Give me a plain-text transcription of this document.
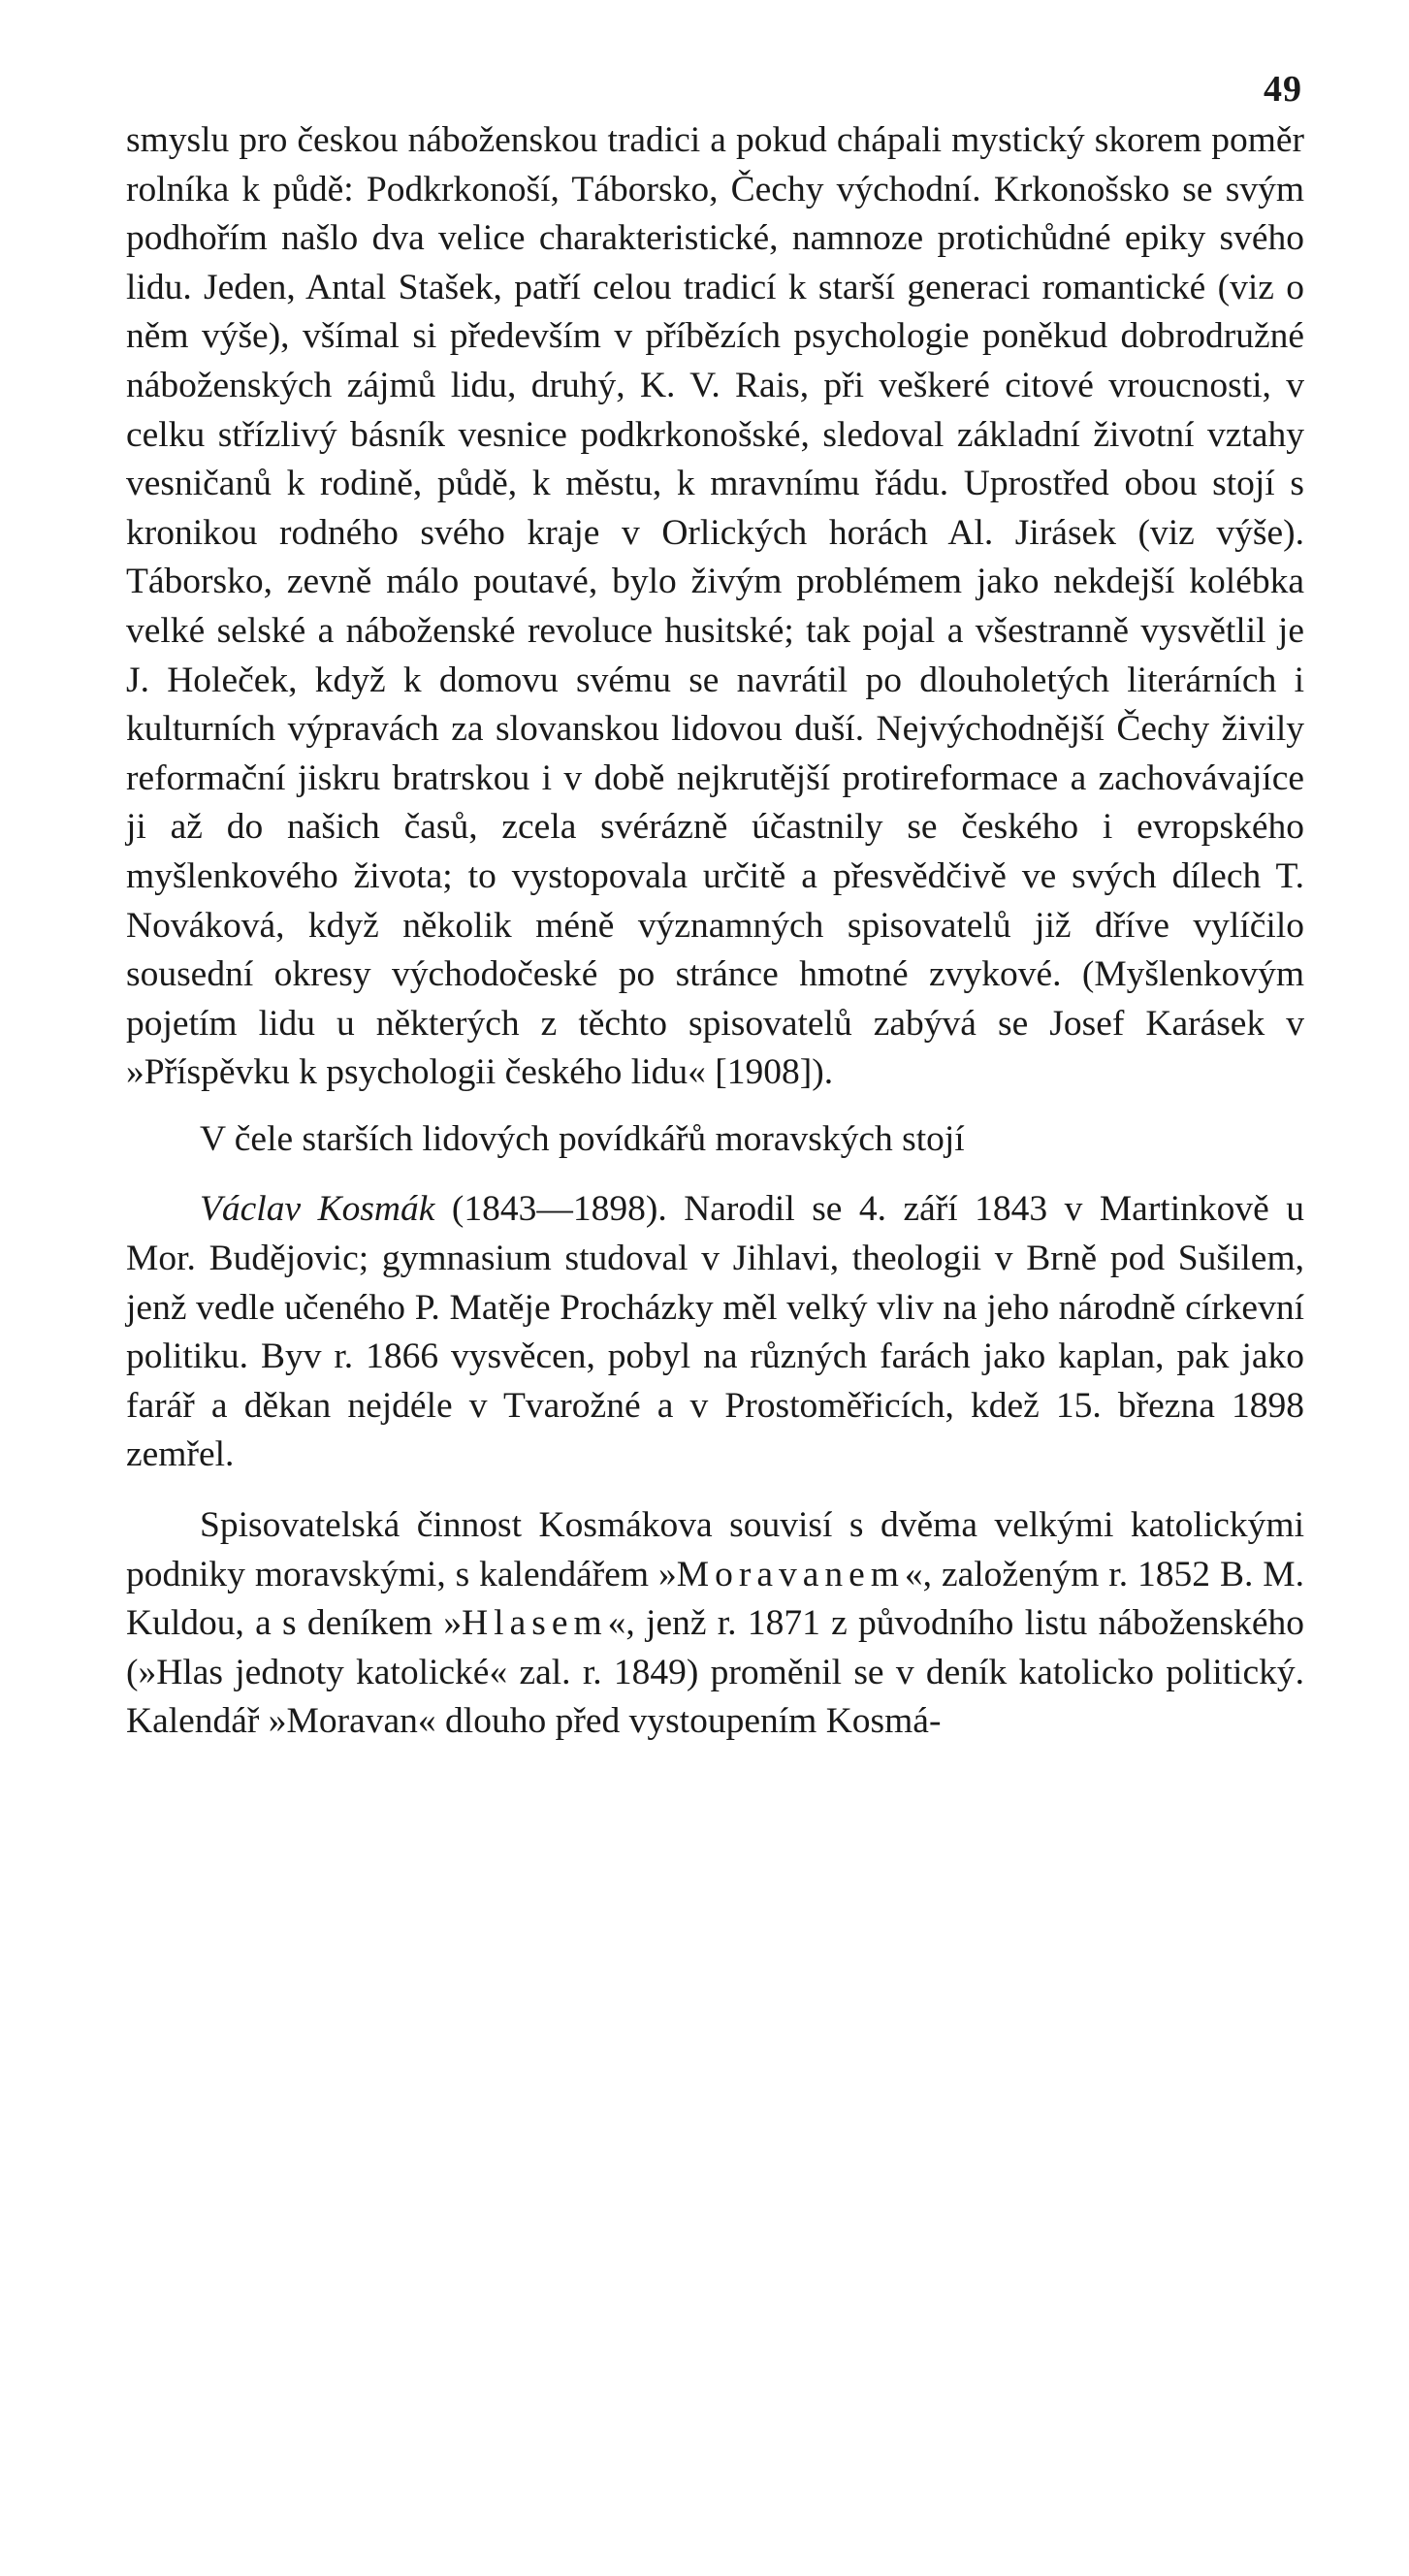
49

smyslu pro českou náboženskou tradici a pokud chápali mystický skorem poměr rolníka k půdě: Podkrkonoší, Táborsko, Čechy východní. Krkonošsko se svým podhořím našlo dva velice charakteristické, namnoze protichůdné epiky svého lidu. Jeden, Antal Stašek, patří celou tradicí k starší generaci romantické (viz o něm výše), všímal si především v příbězích psychologie poněkud dobrodružné náboženských zájmů lidu, druhý, K. V. Rais, při veškeré citové vroucnosti, v celku střízlivý básník vesnice podkrkonošské, sledoval základní životní vztahy vesničanů k rodině, půdě, k městu, k mravnímu řádu. Uprostřed obou stojí s kronikou rodného svého kraje v Orlických horách Al. Jirásek (viz výše). Táborsko, zevně málo poutavé, bylo živým problémem jako nekdejší kolébka velké selské a náboženské revoluce husitské; tak pojal a všestranně vysvětlil je J. Holeček, když k domovu svému se navrátil po dlouholetých literárních i kulturních výpravách za slovanskou lidovou duší. Nejvýchodnější Čechy živily reformační jiskru bratrskou i v době nejkrutější protireformace a zachovávajíce ji až do našich časů, zcela svérázně účastnily se českého i evropského myšlenkového života; to vystopovala určitě a přesvědčivě ve svých dílech T. Nováková, když několik méně významných spisovatelů již dříve vylíčilo sousední okresy východočeské po stránce hmotné zvykové. (Myšlenkovým pojetím lidu u některých z těchto spisovatelů zabývá se Josef Karásek v »Příspěvku k psychologii českého lidu« [1908]).

V čele starších lidových povídkářů moravských stojí

Václav Kosmák (1843—1898). Narodil se 4. září 1843 v Martinkově u Mor. Budějovic; gymnasium studoval v Jihlavi, theologii v Brně pod Sušilem, jenž vedle učeného P. Matěje Procházky měl velký vliv na jeho národně církevní politiku. Byv r. 1866 vysvěcen, pobyl na různých farách jako kaplan, pak jako farář a děkan nejdéle v Tvarožné a v Prostoměřicích, kdež 15. března 1898 zemřel.

Spisovatelská činnost Kosmákova souvisí s dvěma velkými katolickými podniky moravskými, s kalendářem »Moravanem«, založeným r. 1852 B. M. Kuldou, a s deníkem »Hlasem«, jenž r. 1871 z původního listu náboženského (»Hlas jednoty katolické« zal. r. 1849) proměnil se v deník katolicko politický. Kalendář »Moravan« dlouho před vystoupením Kosmá-
